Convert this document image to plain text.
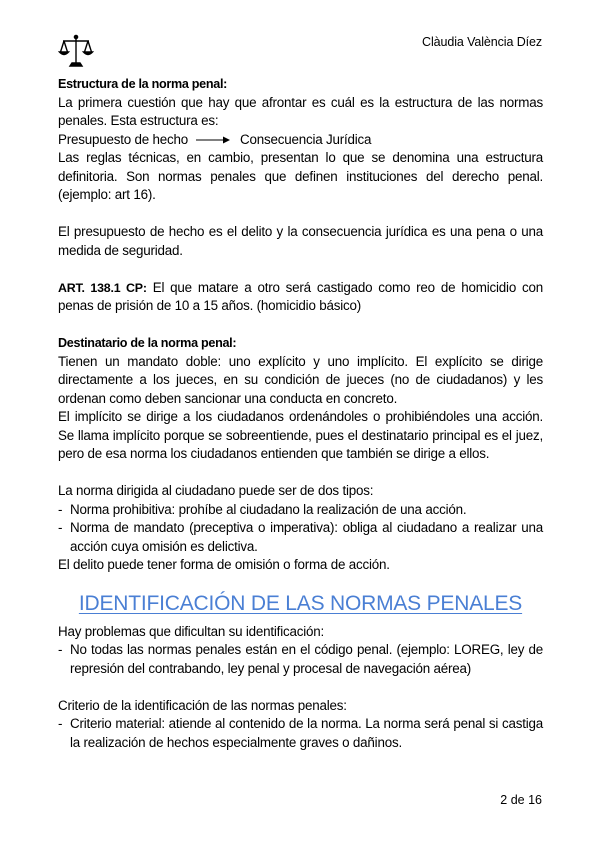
Clàudia València Díez

Estructura de la norma penal:

La primera cuestión que hay que afrontar es cuál es la estructura de las normas penales. Esta estructura es:

Presupuesto de hecho	Consecuencia Jurídica

Las reglas técnicas, en cambio, presentan lo que se denomina una estructura definitoria. Son normas penales que definen instituciones del derecho penal. (ejemplo: art 16).

El presupuesto de hecho es el delito y la consecuencia jurídica es una pena o una medida de seguridad.

ART. 138.1 CP: El que matare a otro será castigado como reo de homicidio con penas de prisión de 10 a 15 años. (homicidio básico)

Destinatario de la norma penal:

Tienen un mandato doble: uno explícito y uno implícito. El explícito se dirige directamente a los jueces, en su condición de jueces (no de ciudadanos) y les ordenan como deben sancionar una conducta en concreto.

El implícito se dirige a los ciudadanos ordenándoles o prohibiéndoles una acción. Se llama implícito porque se sobreentiende, pues el destinatario principal es el juez, pero de esa norma los ciudadanos entienden que también se dirige a ellos.

La norma dirigida al ciudadano puede ser de dos tipos:

- Norma prohibitiva: prohíbe al ciudadano la realización de una acción.
- Norma de mandato (preceptiva o imperativa): obliga al ciudadano a realizar una acción cuya omisión es delictiva.

El delito puede tener forma de omisión o forma de acción.

IDENTIFICACIÓN DE LAS NORMAS PENALES

Hay problemas que dificultan su identificación:

- No todas las normas penales están en el código penal. (ejemplo: LOREG, ley de represión del contrabando, ley penal y procesal de navegación aérea)

Criterio de la identificación de las normas penales:

- Criterio material: atiende al contenido de la norma. La norma será penal si castiga la realización de hechos especialmente graves o dañinos.
2 de 16
